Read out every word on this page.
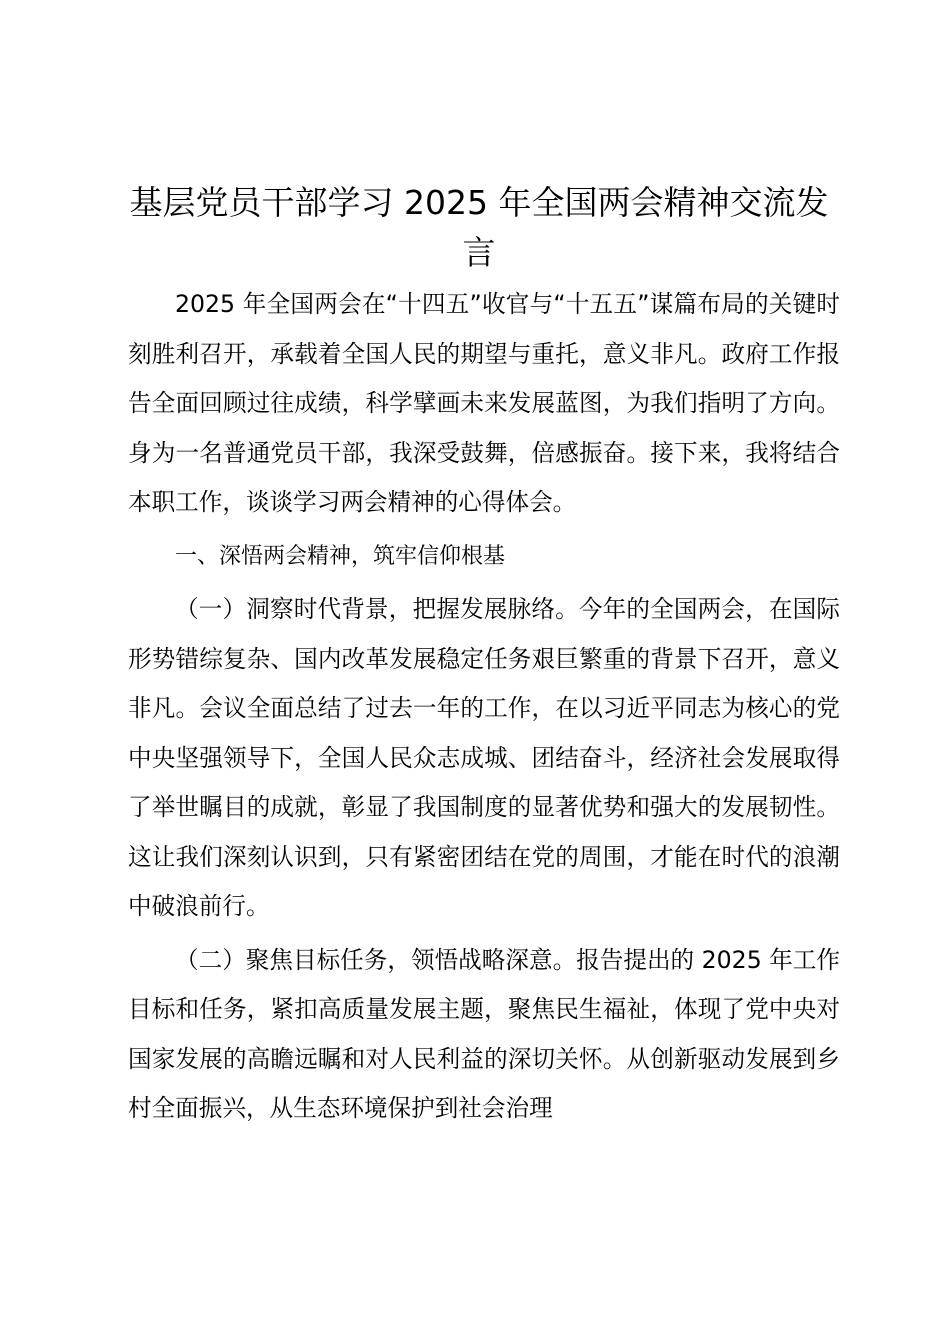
基层党员干部学习 2025 年全国两会精神交流发言

2025 年全国两会在“十四五”收官与“十五五”谋篇布局的关键时刻胜利召开，承载着全国人民的期望与重托，意义非凡。政府工作报告全面回顾过往成绩，科学擘画未来发展蓝图，为我们指明了方向。身为一名普通党员干部，我深受鼓舞，倍感振奋。接下来，我将结合本职工作，谈谈学习两会精神的心得体会。

一、深悟两会精神，筑牢信仰根基

（一）洞察时代背景，把握发展脉络。今年的全国两会，在国际形势错综复杂、国内改革发展稳定任务艰巨繁重的背景下召开，意义非凡。会议全面总结了过去一年的工作，在以习近平同志为核心的党中央坚强领导下，全国人民众志成城、团结奋斗，经济社会发展取得了举世瞩目的成就，彰显了我国制度的显著优势和强大的发展韧性。这让我们深刻认识到，只有紧密团结在党的周围，才能在时代的浪潮中破浪前行。

（二）聚焦目标任务，领悟战略深意。报告提出的 2025 年工作目标和任务，紧扣高质量发展主题，聚焦民生福祉，体现了党中央对国家发展的高瞻远瞩和对人民利益的深切关怀。从创新驱动发展到乡村全面振兴，从生态环境保护到社会治理
